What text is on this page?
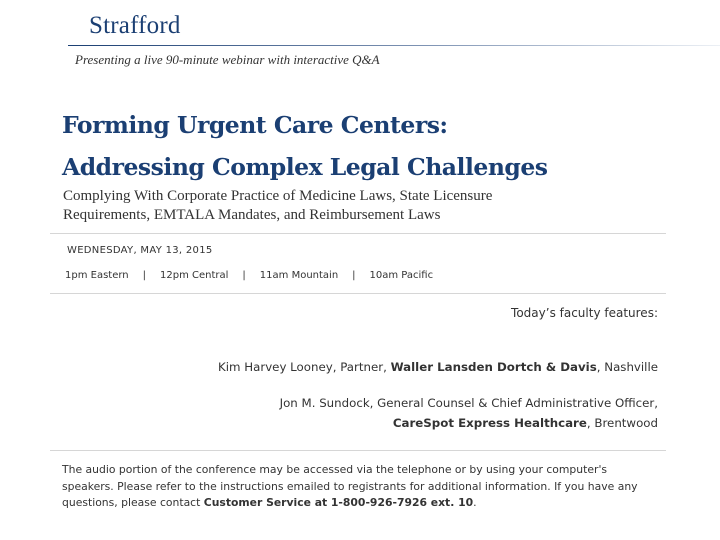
Strafford
Presenting a live 90-minute webinar with interactive Q&A
Forming Urgent Care Centers:
Addressing Complex Legal Challenges
Complying With Corporate Practice of Medicine Laws, State Licensure
Requirements, EMTALA Mandates, and Reimbursement Laws
WEDNESDAY, MAY 13, 2015
1pm Eastern | 12pm Central | 11am Mountain | 10am Pacific
Today’s faculty features:
Kim Harvey Looney, Partner, Waller Lansden Dortch & Davis, Nashville
Jon M. Sundock, General Counsel & Chief Administrative Officer,
CareSpot Express Healthcare, Brentwood
The audio portion of the conference may be accessed via the telephone or by using your computer's speakers. Please refer to the instructions emailed to registrants for additional information. If you have any questions, please contact Customer Service at 1-800-926-7926 ext. 10.
